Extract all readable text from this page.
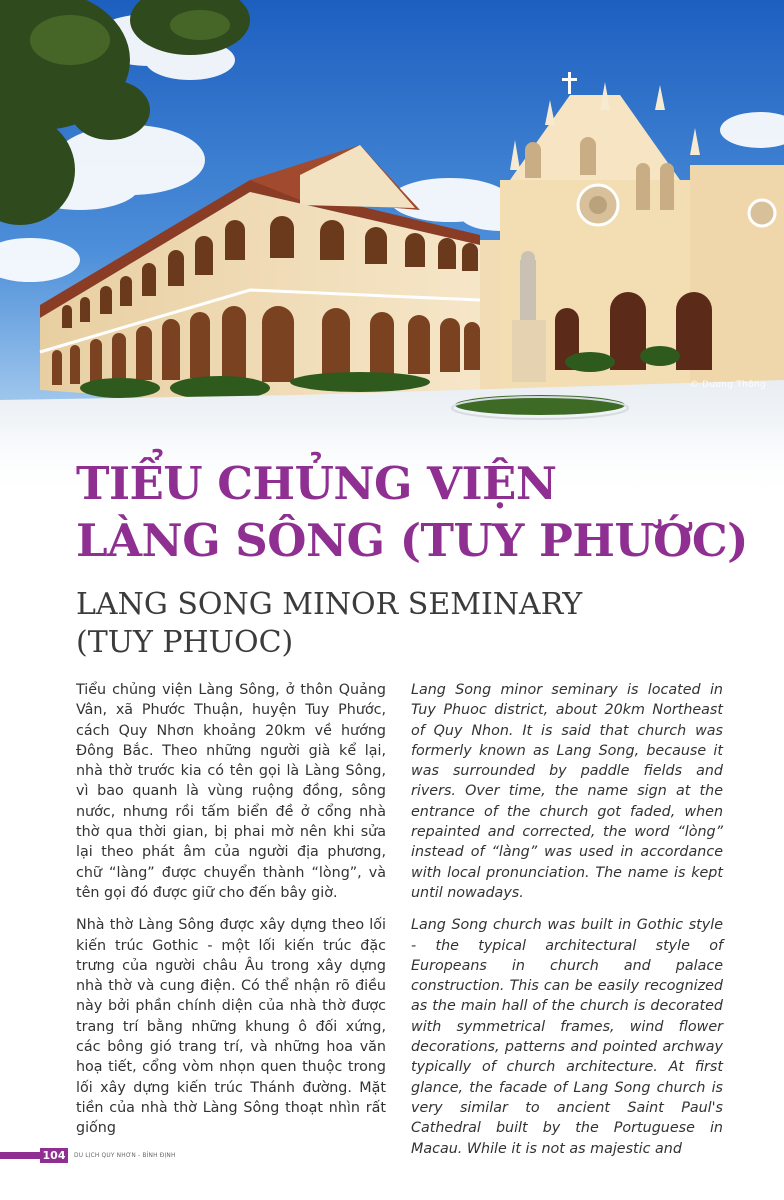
© Dương Thông
TIỂU CHỦNG VIỆN
LÀNG SÔNG (TUY PHƯỚC)
LANG SONG MINOR SEMINARY
(TUY PHUOC)

Tiểu chủng viện Làng Sông, ở thôn Quảng Vân, xã Phước Thuận, huyện Tuy Phước, cách Quy Nhơn khoảng 20km về hướng Đông Bắc. Theo những người già kể lại, nhà thờ trước kia có tên gọi là Làng Sông, vì bao quanh là vùng ruộng đồng, sông nước, nhưng rồi tấm biển đề ở cổng nhà thờ qua thời gian, bị phai mờ nên khi sửa lại theo phát âm của người địa phương, chữ “làng” được chuyển thành “lòng”, và tên gọi đó được giữ cho đến bây giờ.

Nhà thờ Làng Sông được xây dựng theo lối kiến trúc Gothic - một lối kiến trúc đặc trưng của người châu Âu trong xây dựng nhà thờ và cung điện. Có thể nhận rõ điều này bởi phần chính diện của nhà thờ được trang trí bằng những khung ô đối xứng, các bông gió trang trí, và những hoa văn hoạ tiết, cổng vòm nhọn quen thuộc trong lối xây dựng kiến trúc Thánh đường. Mặt tiền của nhà thờ Làng Sông thoạt nhìn rất giống

Lang Song minor seminary is located in Tuy Phuoc district, about 20km Northeast of Quy Nhon. It is said that church was formerly known as Lang Song, because it was surrounded by paddle fields and rivers. Over time, the name sign at the entrance of the church got faded, when repainted and corrected, the word “lòng” instead of “làng” was used in accordance with local pronunciation. The name is kept until nowadays.

Lang Song church was built in Gothic style - the typical architectural style of Europeans in church and palace construction. This can be easily recognized as the main hall of the church is decorated with symmetrical frames, wind flower decorations, patterns and pointed archway typically of church architecture. At first glance, the facade of Lang Song church is very similar to ancient Saint Paul's Cathedral built by the Portuguese in Macau. While it is not as majestic and

104	DU LỊCH QUY NHƠN - BÌNH ĐỊNH
